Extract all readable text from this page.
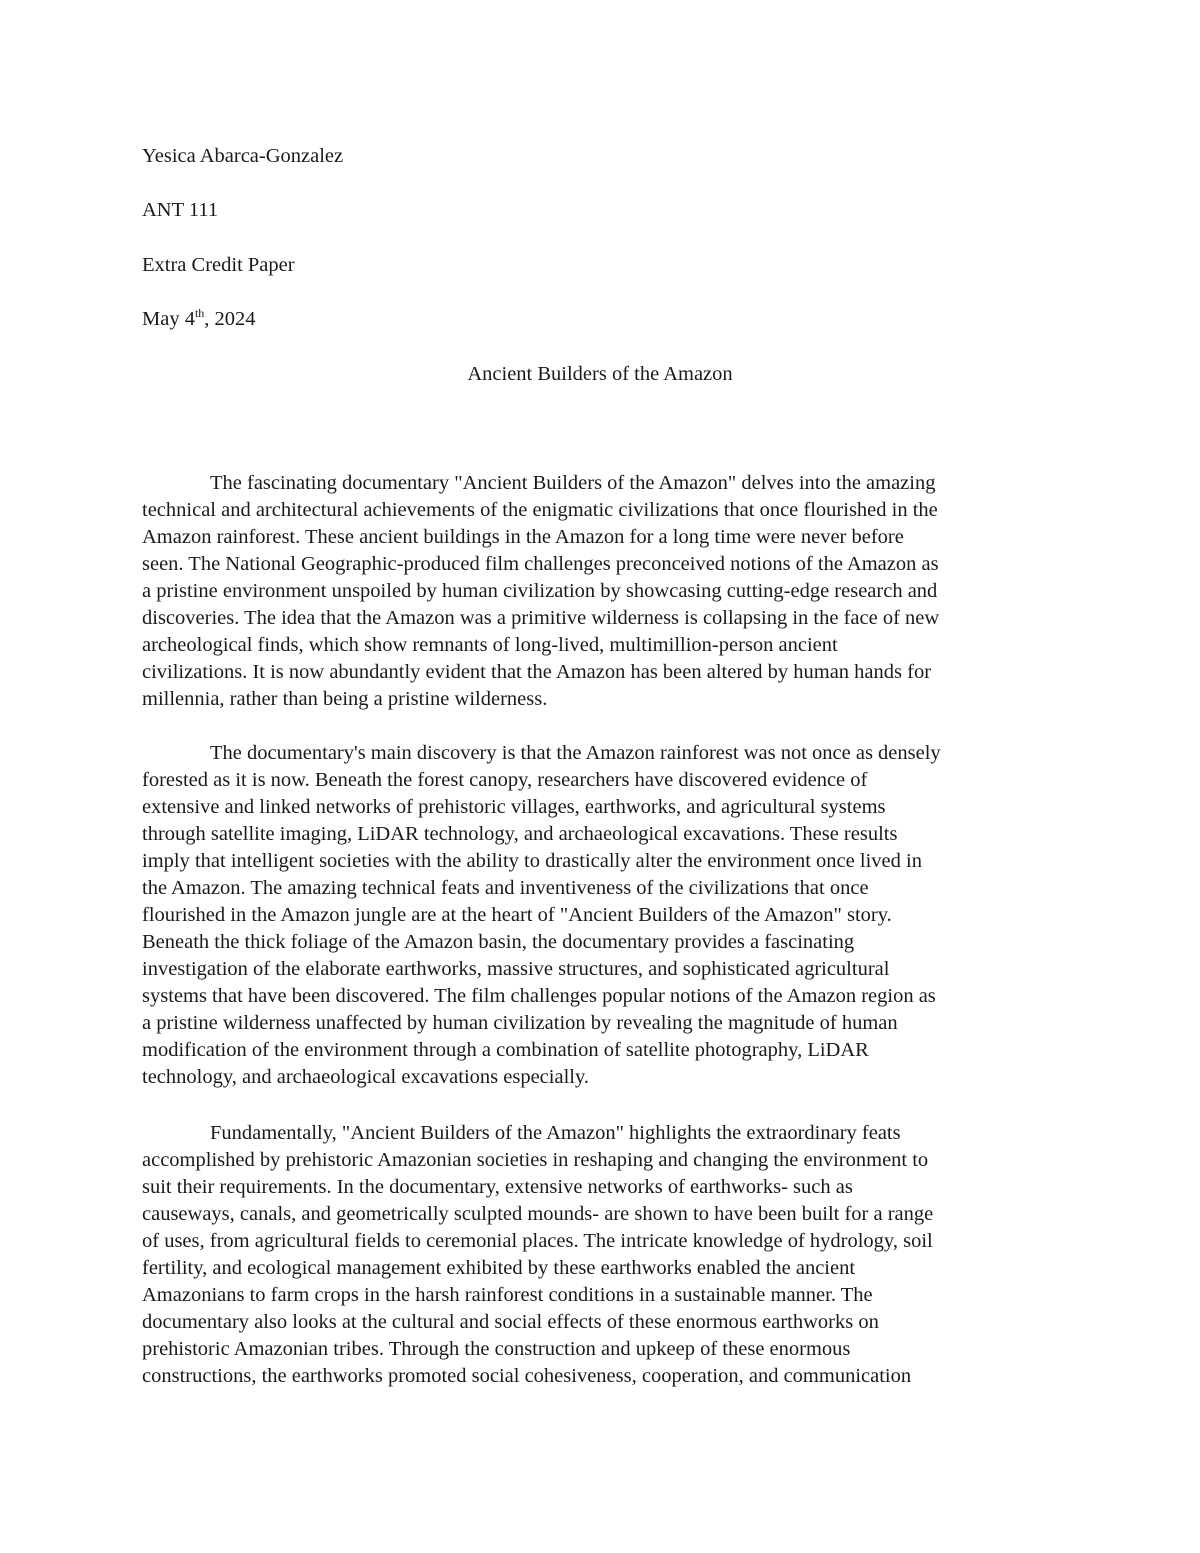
Yesica Abarca-Gonzalez
ANT 111
Extra Credit Paper
May 4th, 2024
Ancient Builders of the Amazon
The fascinating documentary "Ancient Builders of the Amazon" delves into the amazing
technical and architectural achievements of the enigmatic civilizations that once flourished in the
Amazon rainforest. These ancient buildings in the Amazon for a long time were never before
seen. The National Geographic-produced film challenges preconceived notions of the Amazon as
a pristine environment unspoiled by human civilization by showcasing cutting-edge research and
discoveries. The idea that the Amazon was a primitive wilderness is collapsing in the face of new
archeological finds, which show remnants of long-lived, multimillion-person ancient
civilizations. It is now abundantly evident that the Amazon has been altered by human hands for
millennia, rather than being a pristine wilderness.
The documentary's main discovery is that the Amazon rainforest was not once as densely
forested as it is now. Beneath the forest canopy, researchers have discovered evidence of
extensive and linked networks of prehistoric villages, earthworks, and agricultural systems
through satellite imaging, LiDAR technology, and archaeological excavations. These results
imply that intelligent societies with the ability to drastically alter the environment once lived in
the Amazon. The amazing technical feats and inventiveness of the civilizations that once
flourished in the Amazon jungle are at the heart of "Ancient Builders of the Amazon" story.
Beneath the thick foliage of the Amazon basin, the documentary provides a fascinating
investigation of the elaborate earthworks, massive structures, and sophisticated agricultural
systems that have been discovered. The film challenges popular notions of the Amazon region as
a pristine wilderness unaffected by human civilization by revealing the magnitude of human
modification of the environment through a combination of satellite photography, LiDAR
technology, and archaeological excavations especially.
Fundamentally, "Ancient Builders of the Amazon" highlights the extraordinary feats
accomplished by prehistoric Amazonian societies in reshaping and changing the environment to
suit their requirements. In the documentary, extensive networks of earthworks- such as
causeways, canals, and geometrically sculpted mounds- are shown to have been built for a range
of uses, from agricultural fields to ceremonial places. The intricate knowledge of hydrology, soil
fertility, and ecological management exhibited by these earthworks enabled the ancient
Amazonians to farm crops in the harsh rainforest conditions in a sustainable manner. The
documentary also looks at the cultural and social effects of these enormous earthworks on
prehistoric Amazonian tribes. Through the construction and upkeep of these enormous
constructions, the earthworks promoted social cohesiveness, cooperation, and communication
